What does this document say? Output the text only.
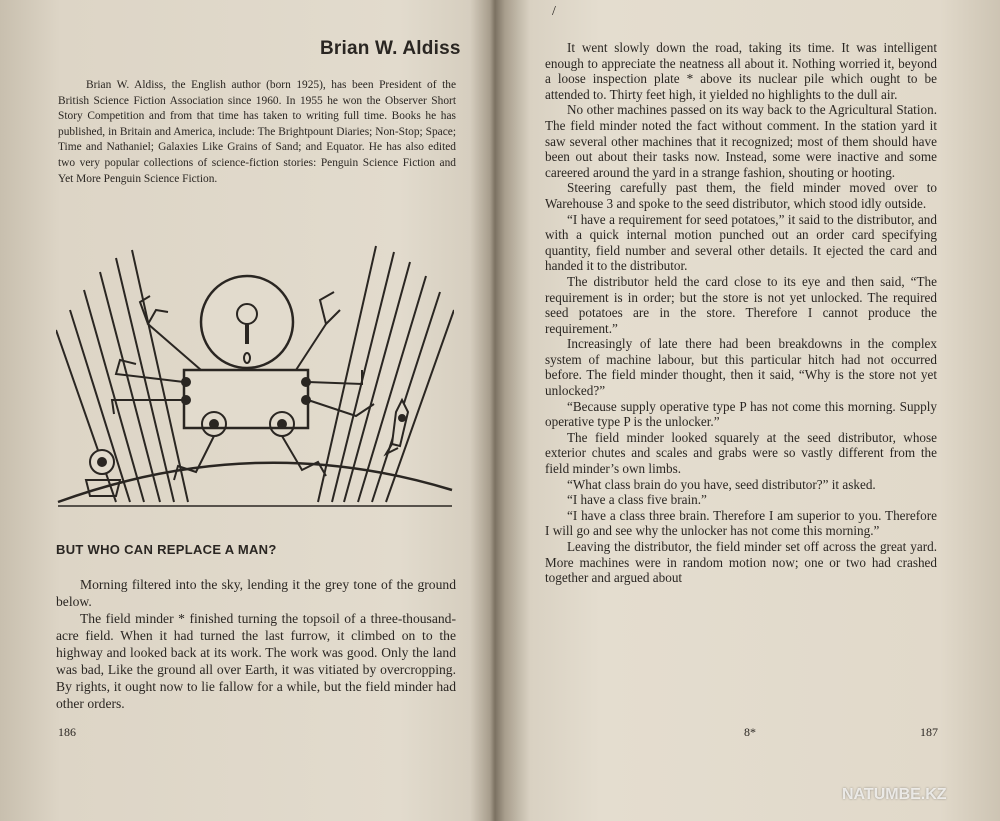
Brian W. Aldiss

Brian W. Aldiss, the English author (born 1925), has been President of the British Science Fiction Association since 1960. In 1955 he won the Observer Short Story Competition and from that time has taken to writing full time. Books he has published, in Britain and America, include: The Brightpount Diaries; Non-Stop; Space; Time and Nathaniel; Galaxies Like Grains of Sand; and Equator. He has also edited two very popular collections of science-fiction stories: Penguin Science Fiction and Yet More Penguin Science Fiction.

BUT WHO CAN REPLACE A MAN?

Morning filtered into the sky, lending it the grey tone of the ground below.

The field minder * finished turning the topsoil of a three-thousand-acre field. When it had turned the last furrow, it climbed on to the highway and looked back at its work. The work was good. Only the land was bad, Like the ground all over Earth, it was vitiated by overcropping. By rights, it ought now to lie fallow for a while, but the field minder had other orders.

186
/

It went slowly down the road, taking its time. It was intelligent enough to appreciate the neatness all about it. Nothing worried it, beyond a loose inspection plate * above its nuclear pile which ought to be attended to. Thirty feet high, it yielded no highlights to the dull air.

No other machines passed on its way back to the Agricultural Station. The field minder noted the fact without comment. In the station yard it saw several other machines that it recognized; most of them should have been out about their tasks now. Instead, some were inactive and some careered around the yard in a strange fashion, shouting or hooting.

Steering carefully past them, the field minder moved over to Warehouse 3 and spoke to the seed distributor, which stood idly outside.

“I have a requirement for seed potatoes,” it said to the distributor, and with a quick internal motion punched out an order card specifying quantity, field number and several other details. It ejected the card and handed it to the distributor.

The distributor held the card close to its eye and then said, “The requirement is in order; but the store is not yet unlocked. The required seed potatoes are in the store. Therefore I cannot produce the requirement.”

Increasingly of late there had been breakdowns in the complex system of machine labour, but this particular hitch had not occurred before. The field minder thought, then it said, “Why is the store not yet unlocked?”

“Because supply operative type P has not come this morning. Supply operative type P is the unlocker.”

The field minder looked squarely at the seed distributor, whose exterior chutes and scales and grabs were so vastly different from the field minder’s own limbs.

“What class brain do you have, seed distributor?” it asked.

“I have a class five brain.”

“I have a class three brain. Therefore I am superior to you. Therefore I will go and see why the unlocker has not come this morning.”

Leaving the distributor, the field minder set off across the great yard. More machines were in random motion now; one or two had crashed together and argued about

8*	187
NATUMBE.KZ
